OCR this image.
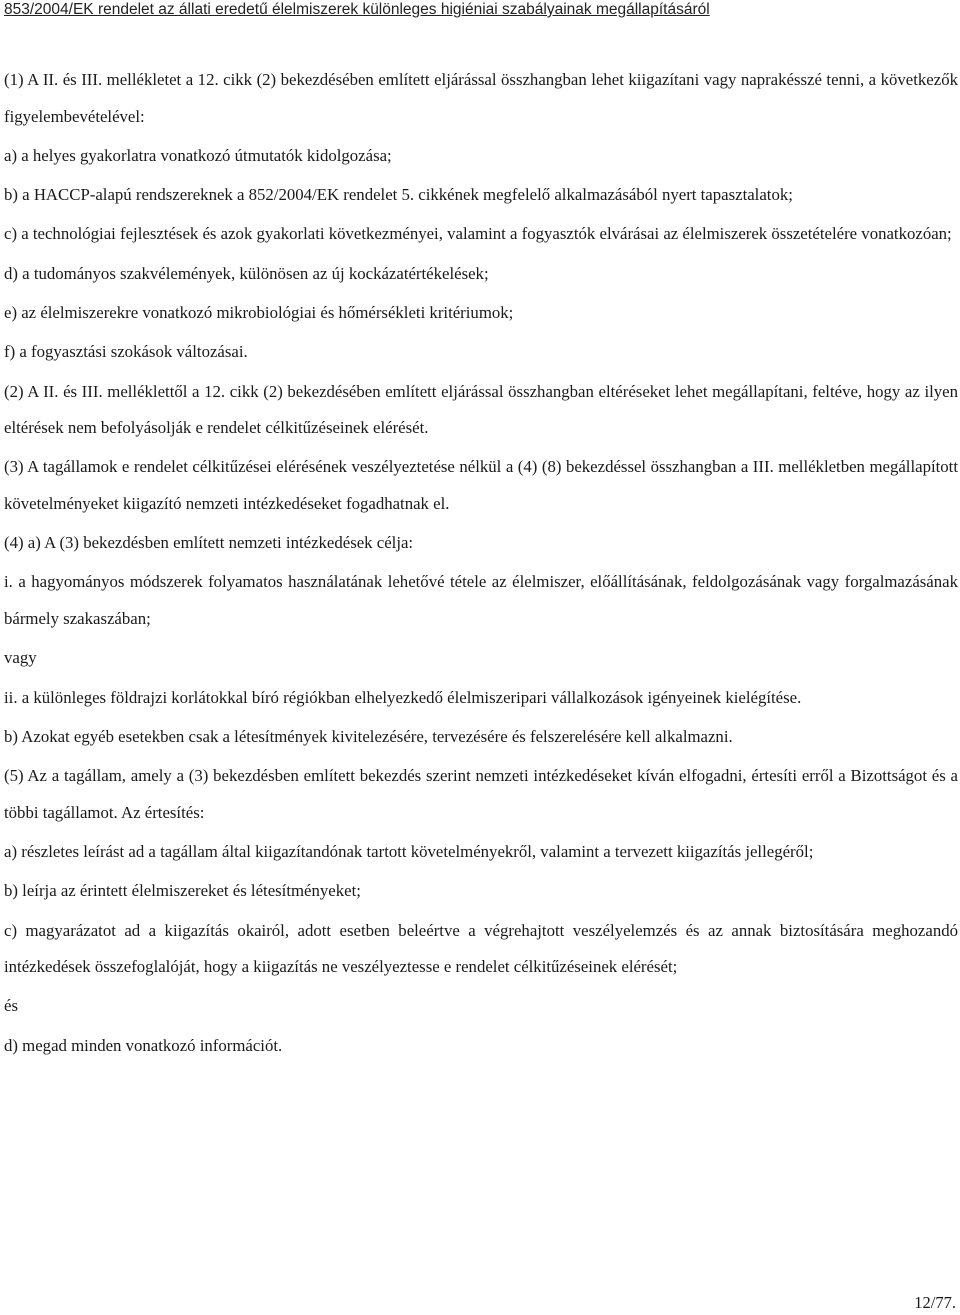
853/2004/EK rendelet az állati eredetű élelmiszerek különleges higiéniai szabályainak megállapításáról

(1) A II. és III. mellékletet a 12. cikk (2) bekezdésében említett eljárással összhangban lehet kiigazítani vagy naprakésszé tenni, a következők figyelembevételével:

a) a helyes gyakorlatra vonatkozó útmutatók kidolgozása;

b) a HACCP-alapú rendszereknek a 852/2004/EK rendelet 5. cikkének megfelelő alkalmazásából nyert tapasztalatok;

c) a technológiai fejlesztések és azok gyakorlati következményei, valamint a fogyasztók elvárásai az élelmiszerek összetételére vonatkozóan;

d) a tudományos szakvélemények, különösen az új kockázatértékelések;

e) az élelmiszerekre vonatkozó mikrobiológiai és hőmérsékleti kritériumok;

f) a fogyasztási szokások változásai.

(2) A II. és III. melléklettől a 12. cikk (2) bekezdésében említett eljárással összhangban eltéréseket lehet megállapítani, feltéve, hogy az ilyen eltérések nem befolyásolják e rendelet célkitűzéseinek elérését.

(3) A tagállamok e rendelet célkitűzései elérésének veszélyeztetése nélkül a (4) (8) bekezdéssel összhangban a III. mellékletben megállapított követelményeket kiigazító nemzeti intézkedéseket fogadhatnak el.

(4) a) A (3) bekezdésben említett nemzeti intézkedések célja:

i. a hagyományos módszerek folyamatos használatának lehetővé tétele az élelmiszer, előállításának, feldolgozásának vagy forgalmazásának bármely szakaszában;

vagy

ii. a különleges földrajzi korlátokkal bíró régiókban elhelyezkedő élelmiszeripari vállalkozások igényeinek kielégítése.

b) Azokat egyéb esetekben csak a létesítmények kivitelezésére, tervezésére és felszerelésére kell alkalmazni.

(5) Az a tagállam, amely a (3) bekezdésben említett bekezdés szerint nemzeti intézkedéseket kíván elfogadni, értesíti erről a Bizottságot és a többi tagállamot. Az értesítés:

a) részletes leírást ad a tagállam által kiigazítandónak tartott követelményekről, valamint a tervezett kiigazítás jellegéről;

b) leírja az érintett élelmiszereket és létesítményeket;

c) magyarázatot ad a kiigazítás okairól, adott esetben beleértve a végrehajtott veszélyelemzés és az annak biztosítására meghozandó intézkedések összefoglalóját, hogy a kiigazítás ne veszélyeztesse e rendelet célkitűzéseinek elérését;

és

d) megad minden vonatkozó információt.

12/77.
